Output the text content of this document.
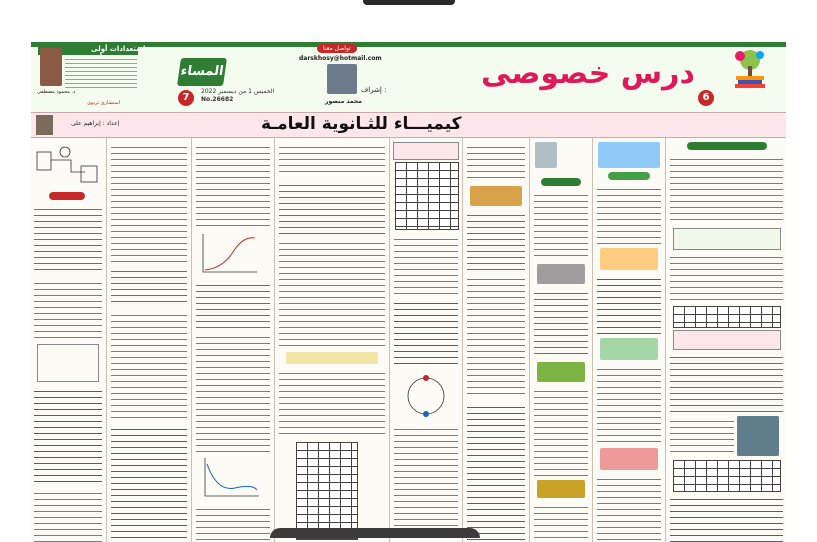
استعدادات أولى
د. محمود مصطفى
استشارى تربوى
المساء
الخميس 1 من ديسمبر 2022
No.26682
7
تواصل معنا
darskhosy@hotmail.com
إشراف :
محمد منصور
درس خصوصى
6
إعداد : إبراهيم على	كيميـــاء للثـانوية العامـة
